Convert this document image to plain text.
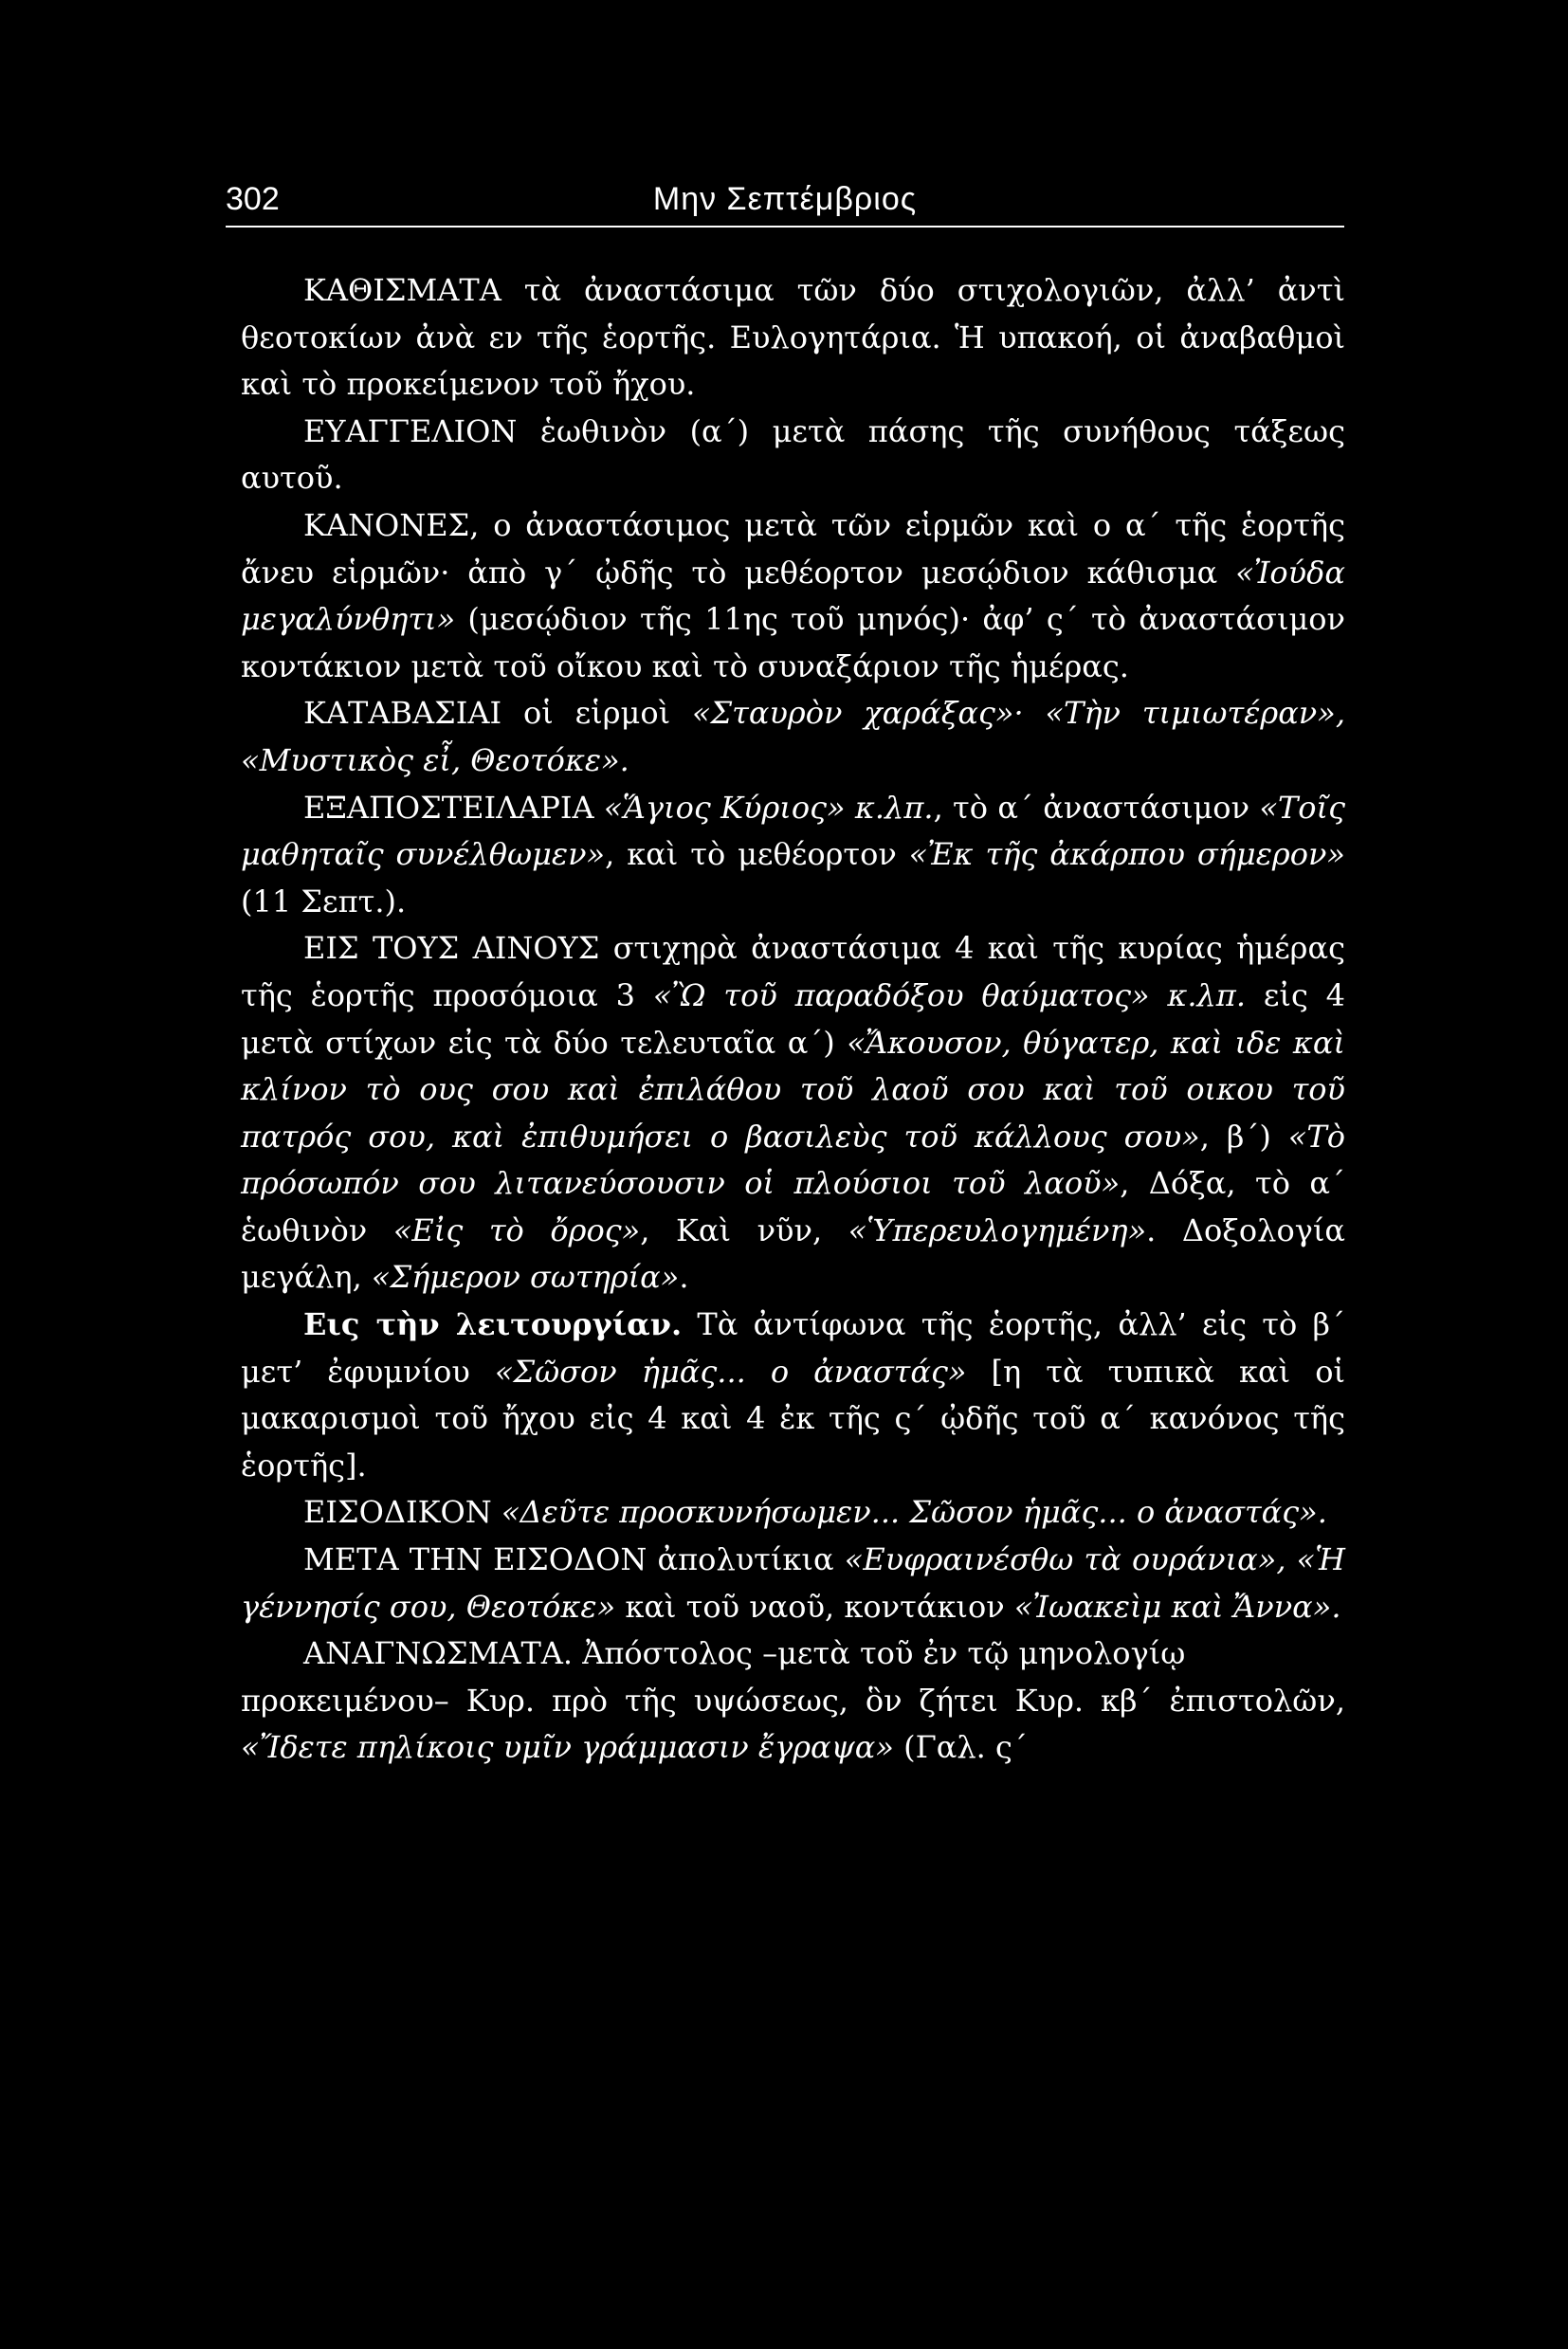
302	Μην Σεπτέμβριος

ΚΑΘΙΣΜΑΤΑ τὰ ἀναστάσιμα τῶν δύο στιχολογιῶν, ἀλλ’ ἀντὶ θεοτοκίων ἀνὰ εν τῆς ἑορτῆς. Ευλογητάρια. Ἡ υπακοή, οἱ ἀναβαθμοὶ καὶ τὸ προκείμενον τοῦ ἤχου.

ΕΥΑΓΓΕΛΙΟΝ ἑωθινὸν (α΄) μετὰ πάσης τῆς συνήθους τάξεως αυτοῦ.

ΚΑΝΟΝΕΣ, ο ἀναστάσιμος μετὰ τῶν εἱρμῶν καὶ ο α΄ τῆς ἑορτῆς ἄνευ εἱρμῶν· ἀπὸ γ΄ ᾠδῆς τὸ μεθέορτον μεσῴδιον κάθισμα «Ἰούδα μεγαλύνθητι» (μεσῴδιον τῆς 11ης τοῦ μηνός)· ἀφ’ ς΄ τὸ ἀναστάσιμον κοντάκιον μετὰ τοῦ οἴκου καὶ τὸ συναξάριον τῆς ἡμέρας.

ΚΑΤΑΒΑΣΙΑΙ οἱ εἱρμοὶ «Σταυρὸν χαράξας»· «Τὴν τιμιωτέραν», «Μυστικὸς εἶ, Θεοτόκε».

ΕΞΑΠΟΣΤΕΙΛΑΡΙΑ «Ἅγιος Κύριος» κ.λπ., τὸ α΄ ἀναστάσιμον «Τοῖς μαθηταῖς συνέλθωμεν», καὶ τὸ μεθέορτον «Ἐκ τῆς ἀκάρπου σήμερον» (11 Σεπτ.).

ΕΙΣ ΤΟΥΣ ΑΙΝΟΥΣ στιχηρὰ ἀναστάσιμα 4 καὶ τῆς κυρίας ἡμέρας τῆς ἑορτῆς προσόμοια 3 «Ὢ τοῦ παραδόξου θαύματος» κ.λπ. εἰς 4 μετὰ στίχων εἰς τὰ δύο τελευταῖα α΄) «Ἄκουσον, θύγατερ, καὶ ιδε καὶ κλίνον τὸ ους σου καὶ ἐπιλάθου τοῦ λαοῦ σου καὶ τοῦ οικου τοῦ πατρός σου, καὶ ἐπιθυμήσει ο βασιλεὺς τοῦ κάλλους σου», β΄) «Τὸ πρόσωπόν σου λιτανεύσουσιν οἱ πλούσιοι τοῦ λαοῦ», Δόξα, τὸ α΄ ἑωθινὸν «Εἰς τὸ ὄρος», Καὶ νῦν, «Ὑπερευλογημένη». Δοξολογία μεγάλη, «Σήμερον σωτηρία».

Εις τὴν λειτουργίαν. Τὰ ἀντίφωνα τῆς ἑορτῆς, ἀλλ’ εἰς τὸ β΄ μετ’ ἐφυμνίου «Σῶσον ἡμᾶς... ο ἀναστάς» [η τὰ τυπικὰ καὶ οἱ μακαρισμοὶ τοῦ ἤχου εἰς 4 καὶ 4 ἐκ τῆς ς΄ ᾠδῆς τοῦ α΄ κανόνος τῆς ἑορτῆς].

ΕΙΣΟΔΙΚΟΝ «Δεῦτε προσκυνήσωμεν... Σῶσον ἡμᾶς... ο ἀναστάς».

ΜΕΤΑ ΤΗΝ ΕΙΣΟΔΟΝ ἀπολυτίκια «Ευφραινέσθω τὰ ουράνια», «Ἡ γέννησίς σου, Θεοτόκε» καὶ τοῦ ναοῦ, κοντάκιον «Ἰωακεὶμ καὶ Ἄννα».

ΑΝΑΓΝΩΣΜΑΤΑ. Ἀπόστολος –μετὰ τοῦ ἐν τῷ μηνολογίῳ

προκειμένου– Κυρ. πρὸ τῆς υψώσεως, ὃν ζήτει Κυρ. κβ΄ ἐπιστολῶν, «Ἴδετε πηλίκοις υμῖν γράμμασιν ἔγραψα» (Γαλ. ς΄
